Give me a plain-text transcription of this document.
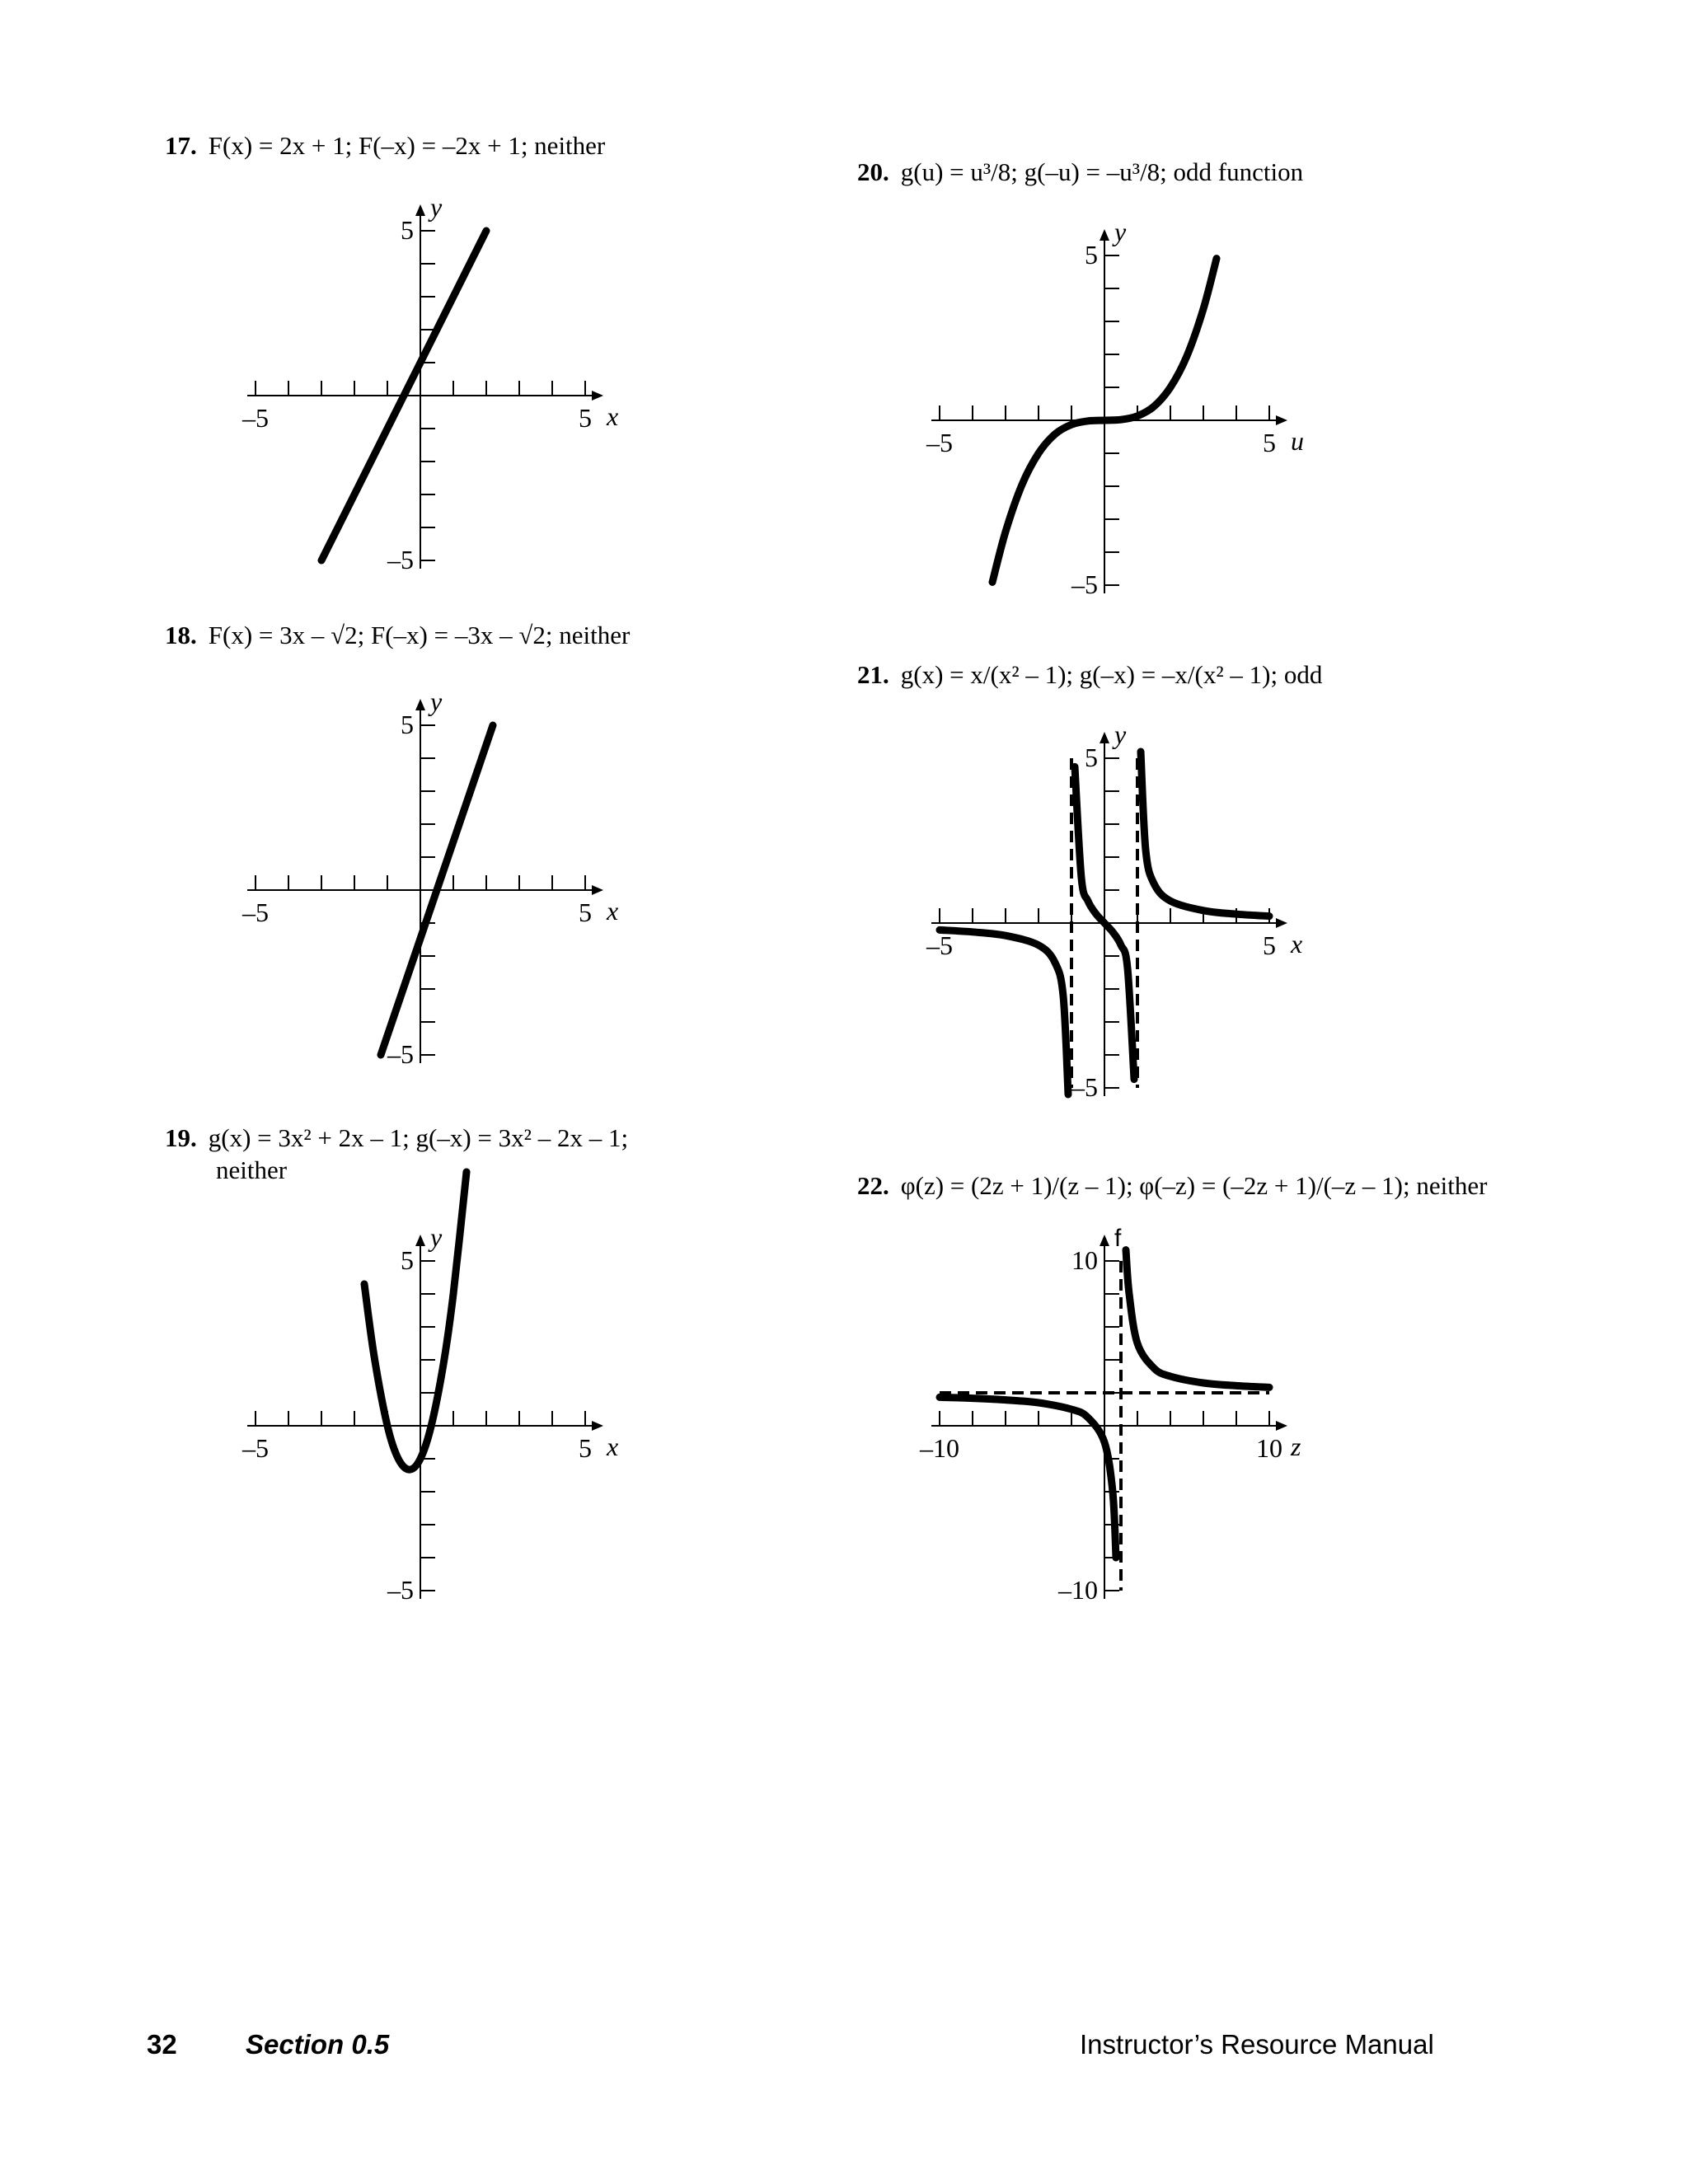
17. F(x) = 2x + 1; F(–x) = –2x + 1; neither
18. F(x) = 3x – √2; F(–x) = –3x – √2; neither
19. g(x) = 3x² + 2x – 1; g(–x) = 3x² – 2x – 1;
neither
20. g(u) = u³/8; g(–u) = –u³/8; odd function
21. g(x) = x/(x² – 1); g(–x) = –x/(x² – 1); odd
22. φ(z) = (2z + 1)/(z – 1); φ(–z) = (–2z + 1)/(–z – 1); neither
–5	5
5
–5
x
y
–5	5
5
–5
x
y
–5	5
5
–5
x
y
–5	5
5
–5
u
y
–5	5
5
–5
x
y
–10	10
10
–10
z
f
32	Section 0.5	Instructor’s Resource Manual
